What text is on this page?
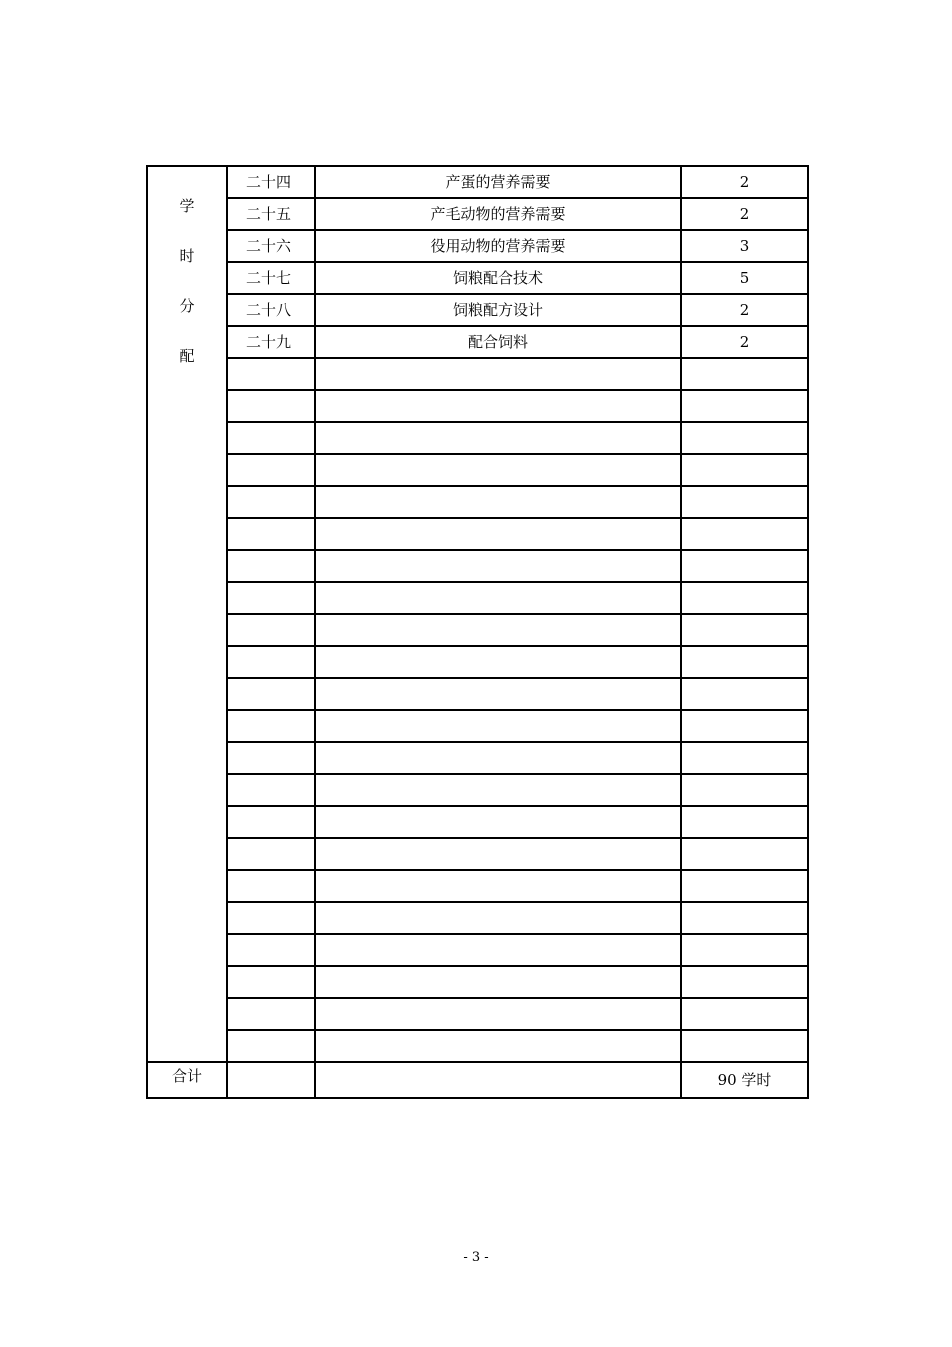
学
时
分
配	二十四	产蛋的营养需要	2
	二十五	产毛动物的营养需要	2
	二十六	役用动物的营养需要	3
	二十七	饲粮配合技术	5
	二十八	饲粮配方设计	2
	二十九	配合饲料	2

合计			90 学时
- 3 -
